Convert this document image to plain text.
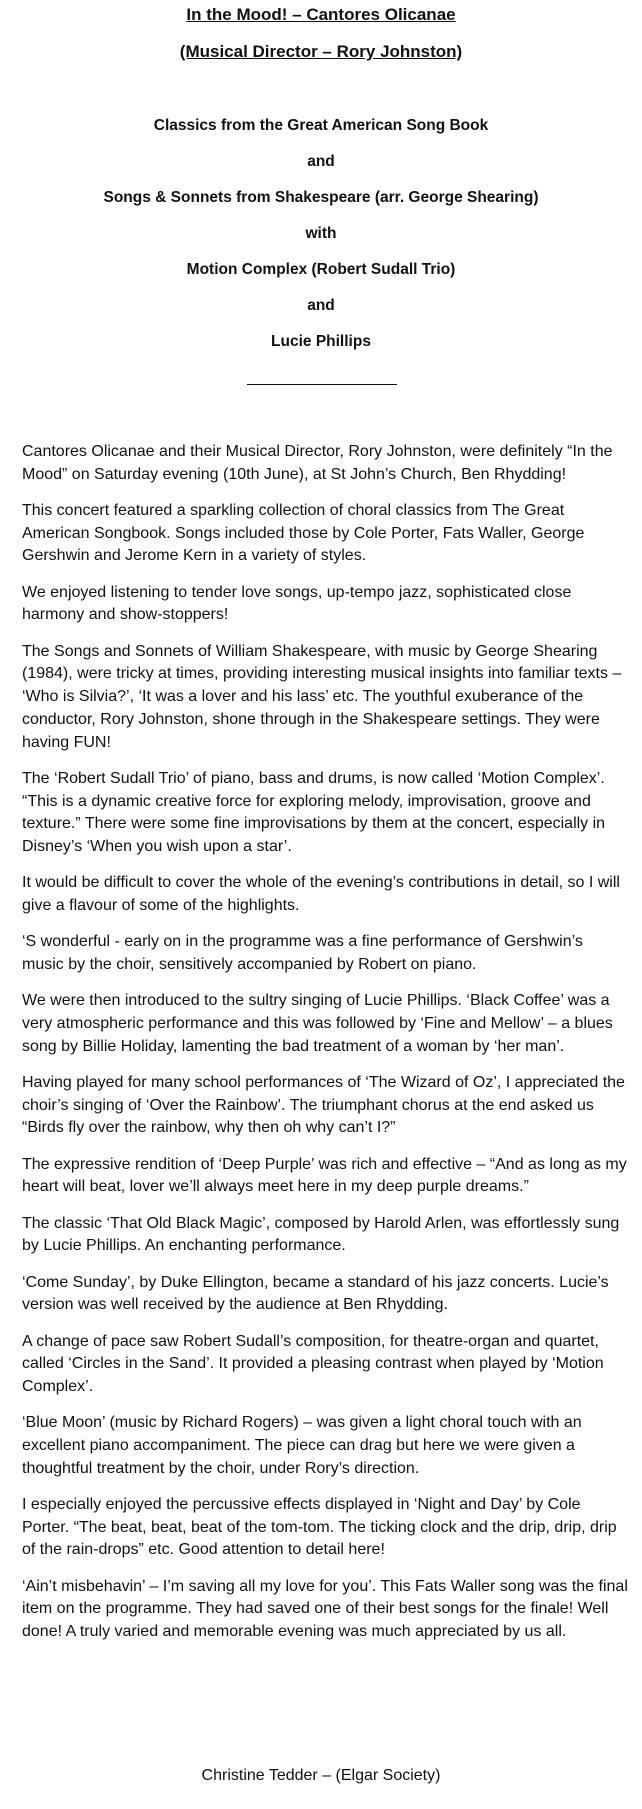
In the Mood! – Cantores Olicanae
(Musical Director – Rory Johnston)
Classics from the Great American Song Book
and
Songs & Sonnets from Shakespeare (arr. George Shearing)
with
Motion Complex (Robert Sudall Trio)
and
Lucie Phillips

Cantores Olicanae and their Musical Director, Rory Johnston, were definitely “In the Mood” on Saturday evening (10th June), at St John’s Church, Ben Rhydding!

This concert featured a sparkling collection of choral classics from The Great American Songbook. Songs included those by Cole Porter, Fats Waller, George Gershwin and Jerome Kern in a variety of styles.

We enjoyed listening to tender love songs, up-tempo jazz, sophisticated close harmony and show-stoppers!

The Songs and Sonnets of William Shakespeare, with music by George Shearing (1984), were tricky at times, providing interesting musical insights into familiar texts – ‘Who is Silvia?’, ‘It was a lover and his lass’ etc. The youthful exuberance of the conductor, Rory Johnston, shone through in the Shakespeare settings. They were having FUN!

The ‘Robert Sudall Trio’ of piano, bass and drums, is now called ‘Motion Complex’. “This is a dynamic creative force for exploring melody, improvisation, groove and texture.” There were some fine improvisations by them at the concert, especially in Disney’s ‘When you wish upon a star’.

It would be difficult to cover the whole of the evening’s contributions in detail, so I will give a flavour of some of the highlights.

‘S wonderful - early on in the programme was a fine performance of Gershwin’s music by the choir, sensitively accompanied by Robert on piano.

We were then introduced to the sultry singing of Lucie Phillips. ‘Black Coffee’ was a very atmospheric performance and this was followed by ‘Fine and Mellow’ – a blues song by Billie Holiday, lamenting the bad treatment of a woman by ‘her man’.

Having played for many school performances of ‘The Wizard of Oz’, I appreciated the choir’s singing of ‘Over the Rainbow’. The triumphant chorus at the end asked us “Birds fly over the rainbow, why then oh why can’t I?”

The expressive rendition of ‘Deep Purple’ was rich and effective – “And as long as my heart will beat, lover we’ll always meet here in my deep purple dreams.”

The classic ‘That Old Black Magic’, composed by Harold Arlen, was effortlessly sung by Lucie Phillips. An enchanting performance.

‘Come Sunday’, by Duke Ellington, became a standard of his jazz concerts. Lucie’s version was well received by the audience at Ben Rhydding.

A change of pace saw Robert Sudall’s composition, for theatre-organ and quartet, called ‘Circles in the Sand’. It provided a pleasing contrast when played by ‘Motion Complex’.

‘Blue Moon’ (music by Richard Rogers) – was given a light choral touch with an excellent piano accompaniment. The piece can drag but here we were given a thoughtful treatment by the choir, under Rory’s direction.

I especially enjoyed the percussive effects displayed in ‘Night and Day’ by Cole Porter. “The beat, beat, beat of the tom-tom. The ticking clock and the drip, drip, drip of the rain-drops” etc. Good attention to detail here!

‘Ain’t misbehavin’ – I’m saving all my love for you’. This Fats Waller song was the final item on the programme. They had saved one of their best songs for the finale! Well done! A truly varied and memorable evening was much appreciated by us all.

Christine Tedder – (Elgar Society)
